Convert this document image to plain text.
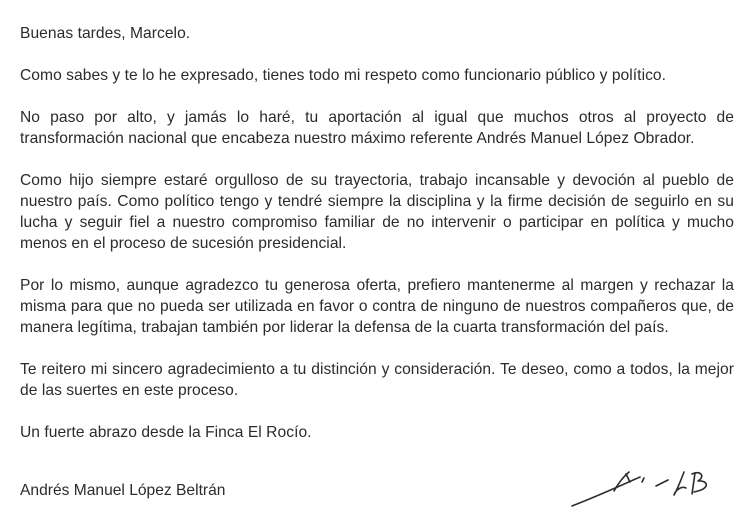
Buenas tardes, Marcelo.

Como sabes y te lo he expresado, tienes todo mi respeto como funcionario público y político.

No paso por alto, y jamás lo haré, tu aportación al igual que muchos otros al proyecto de transformación nacional que encabeza nuestro máximo referente Andrés Manuel López Obrador.

Como hijo siempre estaré orgulloso de su trayectoria, trabajo incansable y devoción al pueblo de nuestro país. Como político tengo y tendré siempre la disciplina y la firme decisión de seguirlo en su lucha y seguir fiel a nuestro compromiso familiar de no intervenir o participar en política y mucho menos en el proceso de sucesión presidencial.

Por lo mismo, aunque agradezco tu generosa oferta, prefiero mantenerme al margen y rechazar la misma para que no pueda ser utilizada en favor o contra de ninguno de nuestros compañeros que, de manera legítima, trabajan también por liderar la defensa de la cuarta transformación del país.

Te reitero mi sincero agradecimiento a tu distinción y consideración. Te deseo, como a todos, la mejor de las suertes en este proceso.

Un fuerte abrazo desde la Finca El Rocío.

Andrés Manuel López Beltrán
